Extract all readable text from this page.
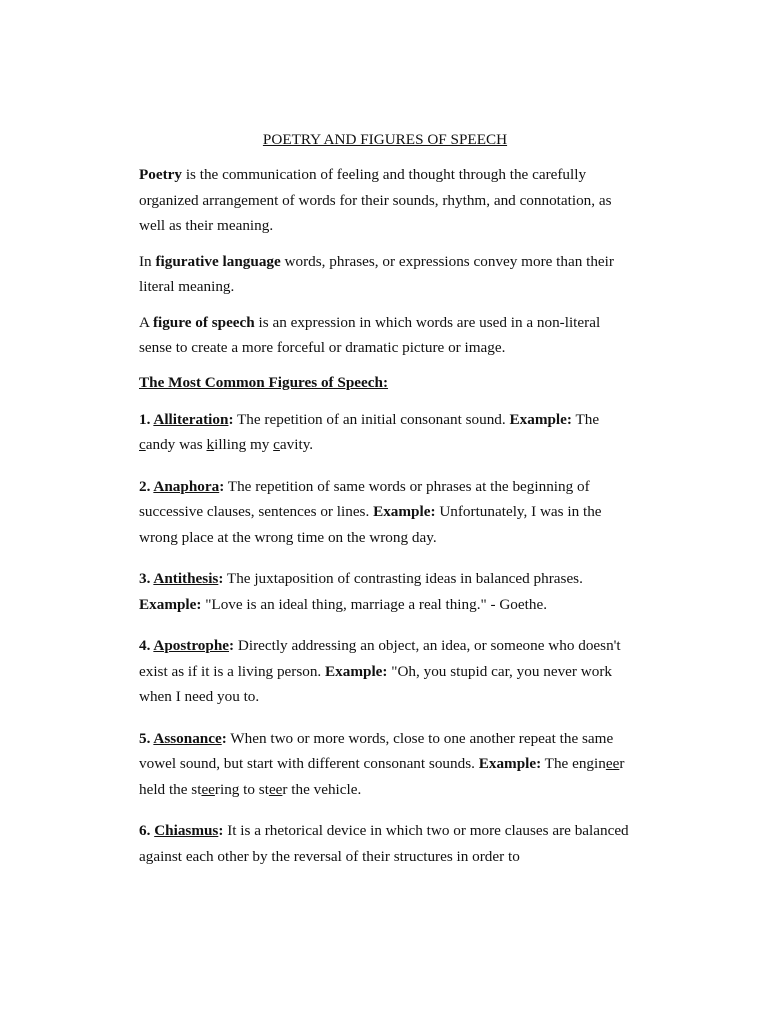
POETRY AND FIGURES OF SPEECH

Poetry is the communication of feeling and thought through the carefully organized arrangement of words for their sounds, rhythm, and connotation, as well as their meaning.

In figurative language words, phrases, or expressions convey more than their literal meaning.

A figure of speech is an expression in which words are used in a non-literal sense to create a more forceful or dramatic picture or image.

The Most Common Figures of Speech:

1. Alliteration: The repetition of an initial consonant sound. Example: The candy was killing my cavity.

2. Anaphora: The repetition of same words or phrases at the beginning of successive clauses, sentences or lines. Example: Unfortunately, I was in the wrong place at the wrong time on the wrong day.

3. Antithesis: The juxtaposition of contrasting ideas in balanced phrases. Example: "Love is an ideal thing, marriage a real thing." - Goethe.

4. Apostrophe: Directly addressing an object, an idea, or someone who doesn't exist as if it is a living person. Example: "Oh, you stupid car, you never work when I need you to.

5. Assonance: When two or more words, close to one another repeat the same vowel sound, but start with different consonant sounds. Example: The engineer held the steering to steer the vehicle.

6. Chiasmus: It is a rhetorical device in which two or more clauses are balanced against each other by the reversal of their structures in order to
